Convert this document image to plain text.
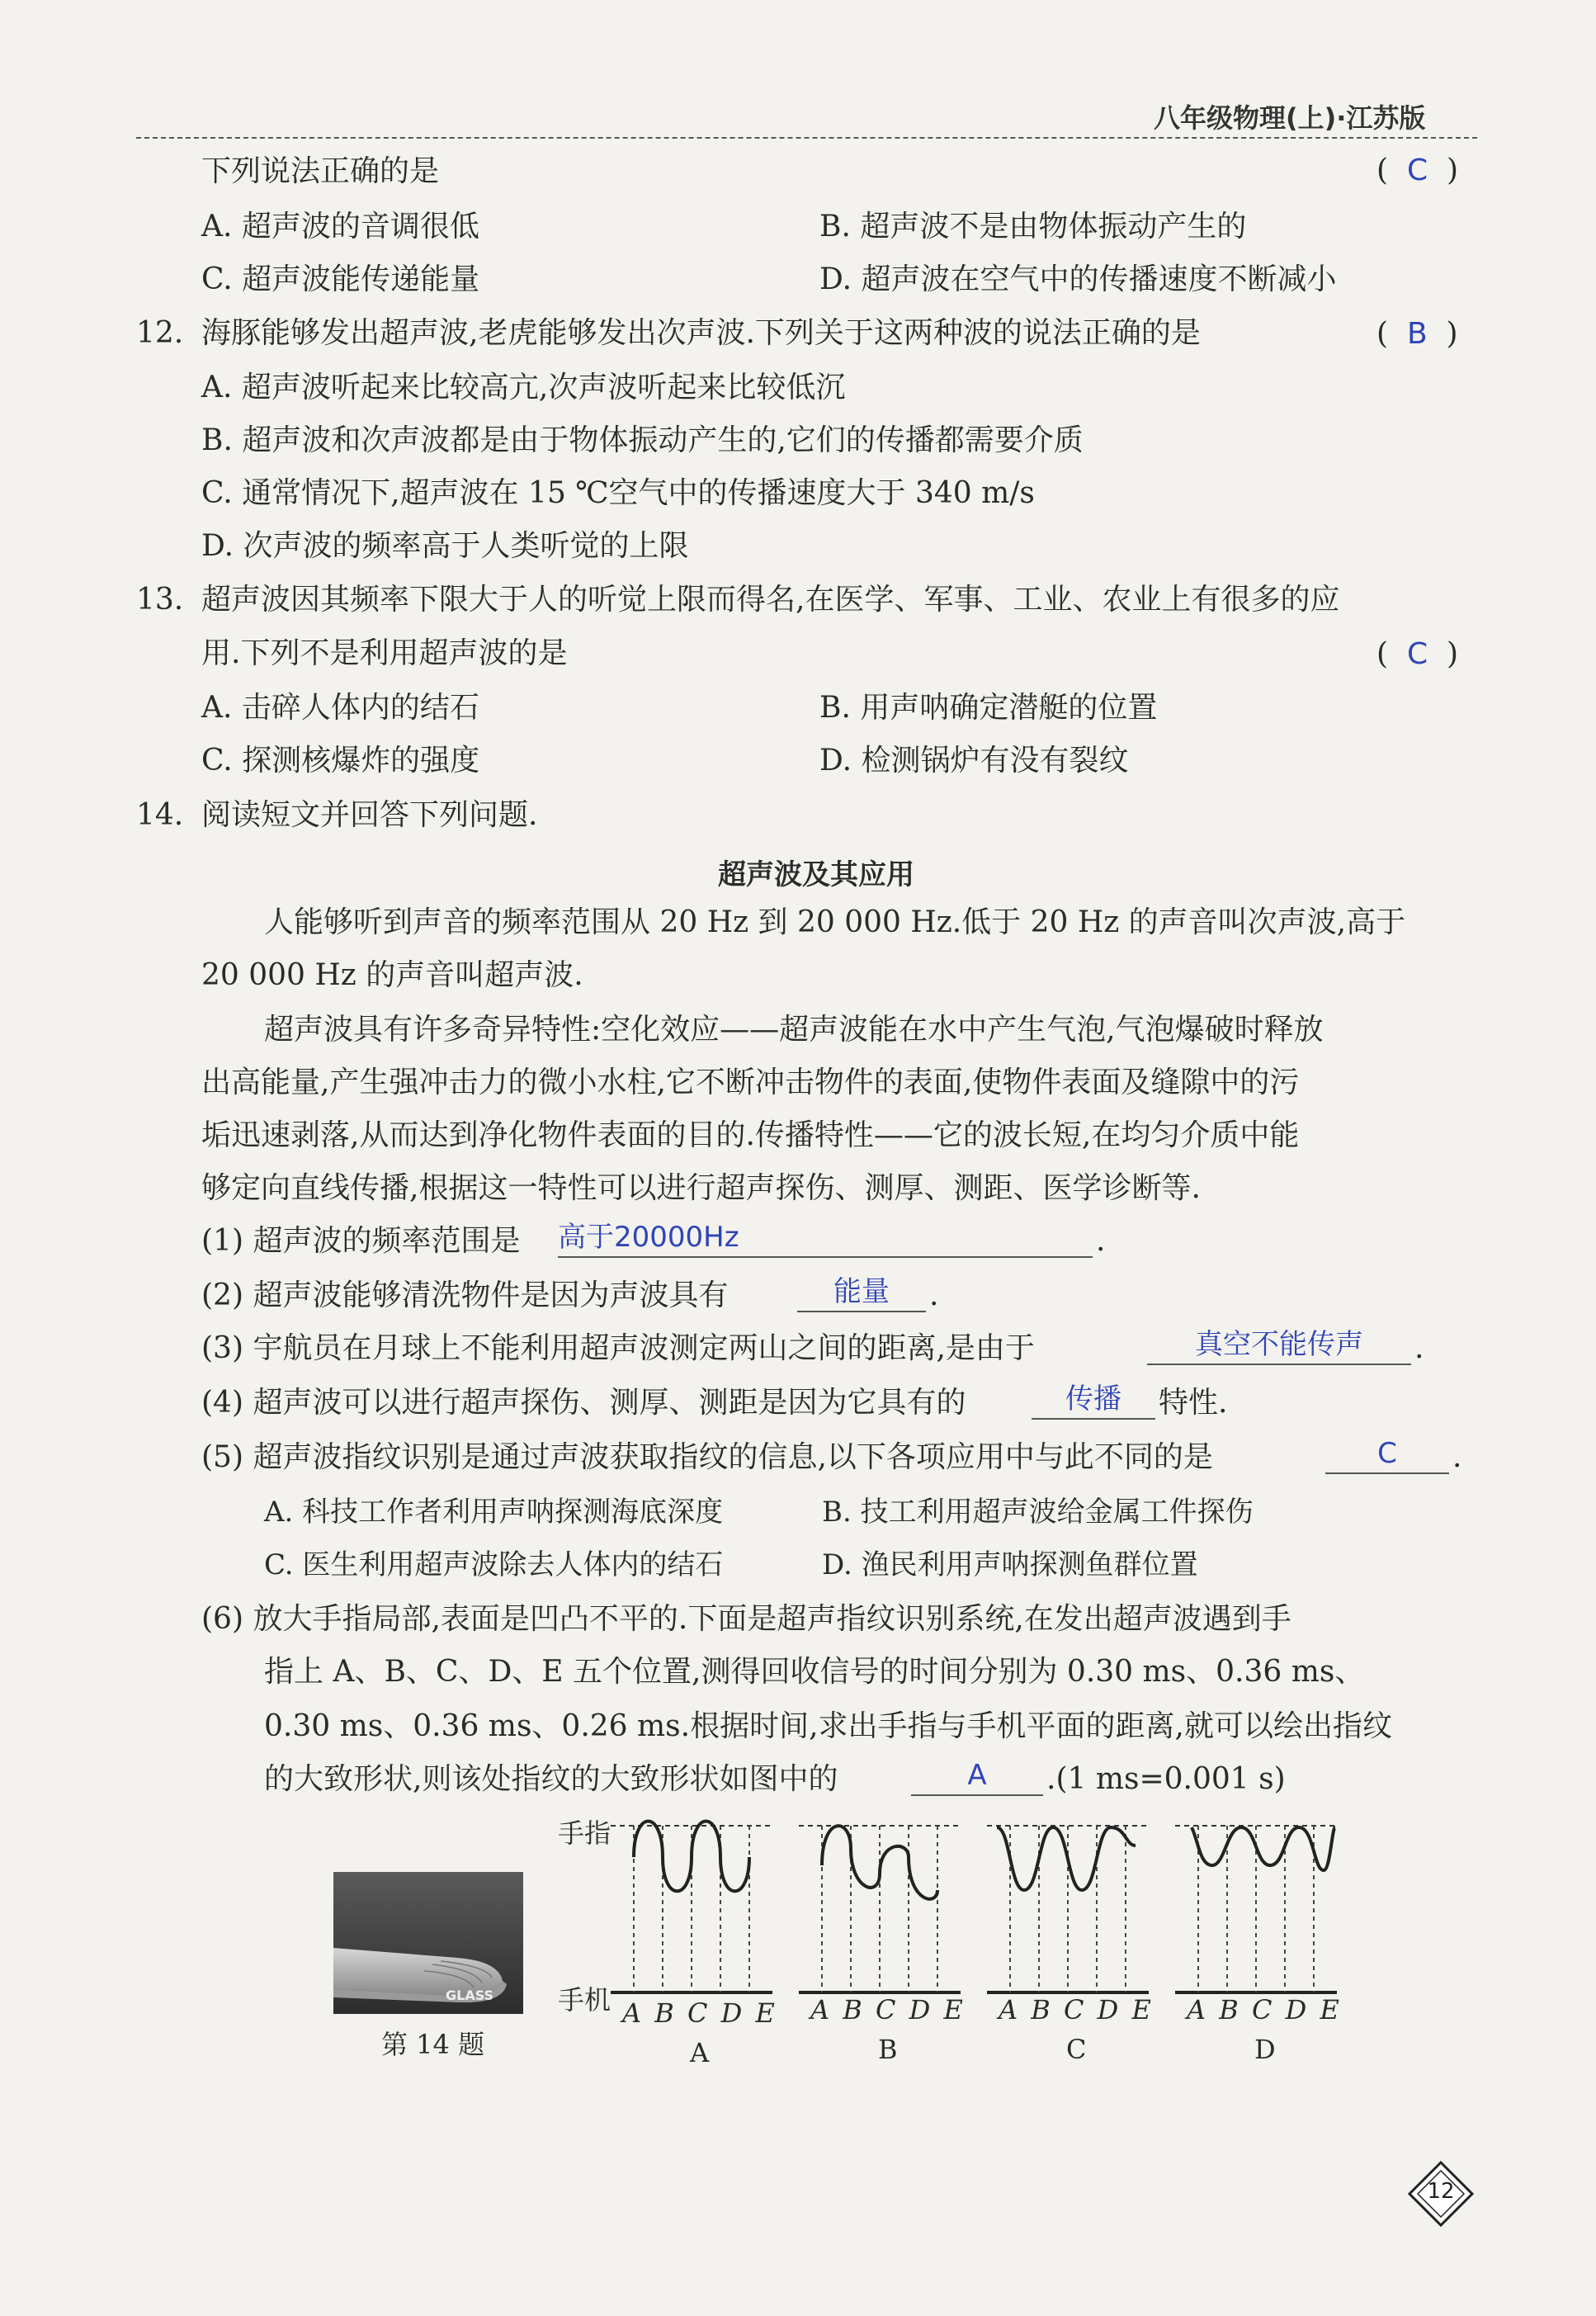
八年级物理(上)·江苏版
下列说法正确的是	(  C  )
A. 超声波的音调很低	B. 超声波不是由物体振动产生的
C. 超声波能传递能量	D. 超声波在空气中的传播速度不断减小
12. 海豚能够发出超声波,老虎能够发出次声波.下列关于这两种波的说法正确的是	(  B  )
A. 超声波听起来比较高亢,次声波听起来比较低沉
B. 超声波和次声波都是由于物体振动产生的,它们的传播都需要介质
C. 通常情况下,超声波在 15 ℃空气中的传播速度大于 340 m/s
D. 次声波的频率高于人类听觉的上限
13. 超声波因其频率下限大于人的听觉上限而得名,在医学、军事、工业、农业上有很多的应
用.下列不是利用超声波的是	(  C  )
A. 击碎人体内的结石	B. 用声呐确定潜艇的位置
C. 探测核爆炸的强度	D. 检测锅炉有没有裂纹
14. 阅读短文并回答下列问题.
超声波及其应用
人能够听到声音的频率范围从 20 Hz 到 20 000 Hz.低于 20 Hz 的声音叫次声波,高于
20 000 Hz 的声音叫超声波.
超声波具有许多奇异特性:空化效应——超声波能在水中产生气泡,气泡爆破时释放
出高能量,产生强冲击力的微小水柱,它不断冲击物件的表面,使物件表面及缝隙中的污
垢迅速剥落,从而达到净化物件表面的目的.传播特性——它的波长短,在均匀介质中能
够定向直线传播,根据这一特性可以进行超声探伤、测厚、测距、医学诊断等.
(1) 超声波的频率范围是 高于20000Hz	.
(2) 超声波能够清洗物件是因为声波具有	能量	.
(3) 宇航员在月球上不能利用超声波测定两山之间的距离,是由于	真空不能传声	.
(4) 超声波可以进行超声探伤、测厚、测距是因为它具有的	传播	特性.
(5) 超声波指纹识别是通过声波获取指纹的信息,以下各项应用中与此不同的是	C	.
A. 科技工作者利用声呐探测海底深度	B. 技工利用超声波给金属工件探伤
C. 医生利用超声波除去人体内的结石	D. 渔民利用声呐探测鱼群位置
(6) 放大手指局部,表面是凹凸不平的.下面是超声指纹识别系统,在发出超声波遇到手
指上 A、B、C、D、E 五个位置,测得回收信号的时间分别为 0.30 ms、0.36 ms、
0.30 ms、0.36 ms、0.26 ms.根据时间,求出手指与手机平面的距离,就可以绘出指纹
的大致形状,则该处指纹的大致形状如图中的	A	.(1 ms=0.001 s)
GLASS
第 14 题
手指
手机 A B C D E A B C D E A B C D E A B C D E
A	B	C	D
12
